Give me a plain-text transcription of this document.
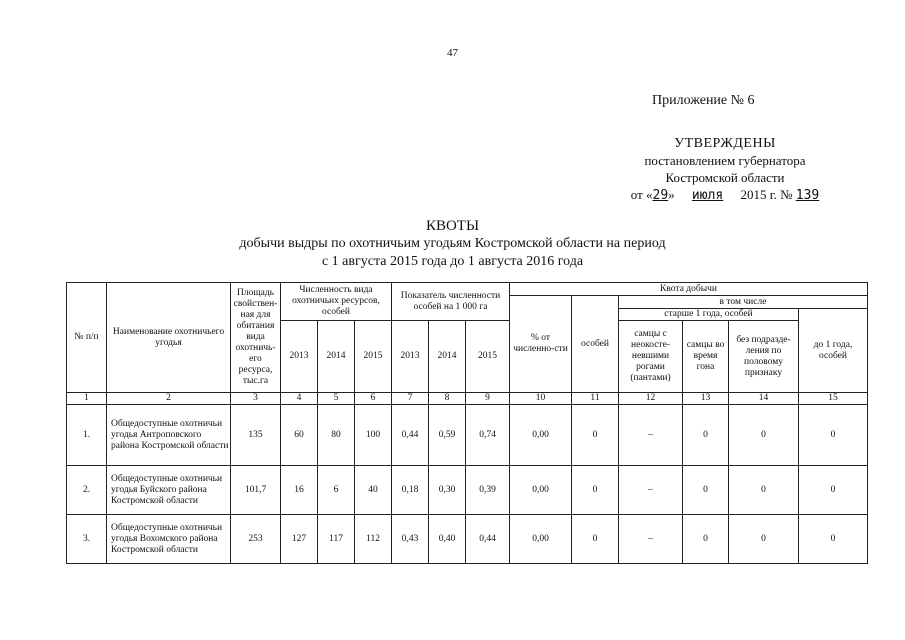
47
Приложение № 6
УТВЕРЖДЕНЫ
постановлением губернатора
Костромской области
от «29» июля 2015 г. № 139
КВОТЫ
добычи выдры по охотничьим угодьям Костромской области на период
с 1 августа 2015 года до 1 августа 2016 года
№ п/п	Наименование охотничьего угодья	Площадь свойствен-ная для обитания вида охотничь-его ресурса, тыс.га	Численность вида охотничьих ресурсов, особей			Показатель численности особей на 1 000 га			Квота добычи					
									% от численно-сти	особей	в том числе			
											старше 1 года, особей			до 1 года, особей
			2013	2014	2015	2013	2014	2015			самцы с неокосте-невшими рогами (пантами)	самцы во время гона	без подразде-ления по половому признаку	
1	2	3	4	5	6	7	8	9	10	11	12	13	14	15
1.	Общедоступные охотничьи угодья Антроповского района Костромской области	135	60	80	100	0,44	0,59	0,74	0,00	0	–	0	0	0
2.	Общедоступные охотничьи угодья Буйского района Костромской области	101,7	16	6	40	0,18	0,30	0,39	0,00	0	–	0	0	0
3.	Общедоступные охотничьи угодья Вохомского района Костромской области	253	127	117	112	0,43	0,40	0,44	0,00	0	–	0	0	0
